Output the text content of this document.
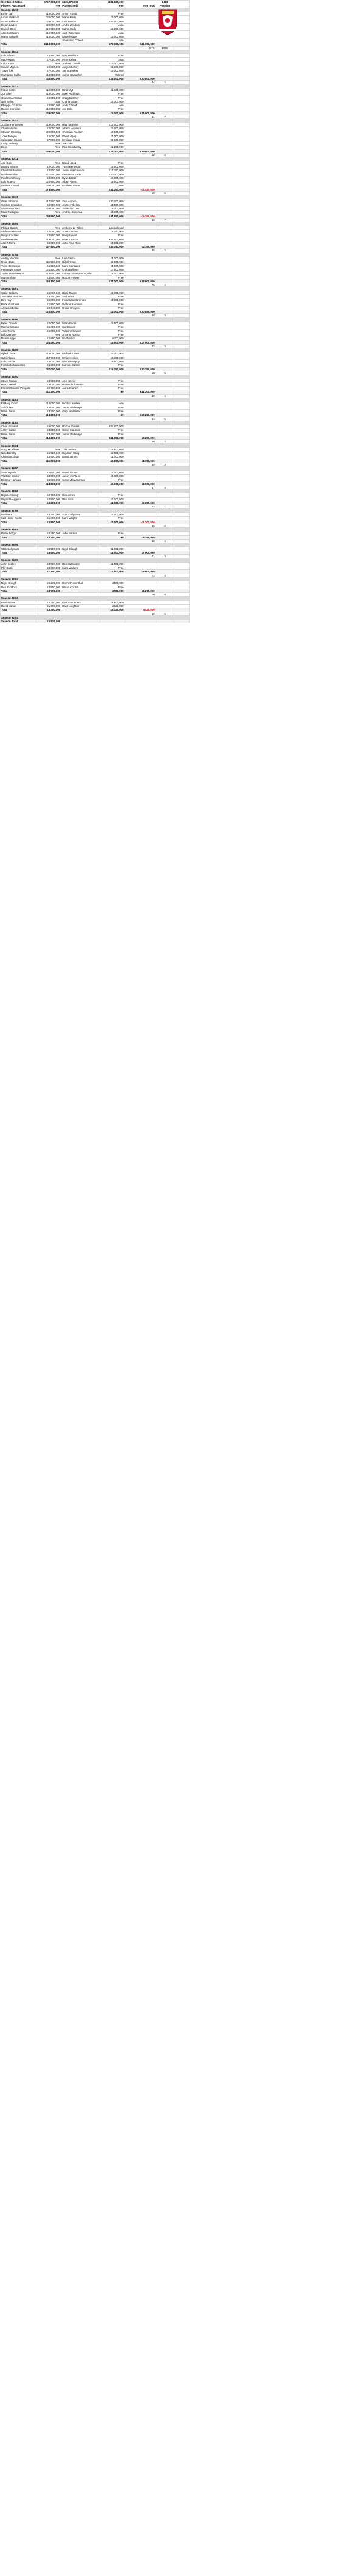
Combined Totals	£767,300,000	£435,475,000	£331,825,000		1420	
Players Purchased	Fee	Players Sold	Fee	Net Total	Position	
Season 14/15						
Emre Can	£10,000,000	Armin Kostic	Free			
Lazar Markovic	£20,000,000	Martin Kelly	£2,000,000			
Adam Lallana	£25,000,000	Luis Suarez	£65,000,000			
Dejan Lovren	£20,000,000	Andre Wisdom	Loan			
Divock Origi	£10,000,000	Martin Kelly	£1,500,000			
Alberto Moreno	£12,000,000	Jack Robinson	Loan			
Mario Balotelli	£16,000,000	Daniel Agger	£3,000,000			
		Sebastian Coates	Loan			
Total	£113,000,000		£72,000,000	£41,000,000		
				PTS	POS	
Season 13/14						
Luis Alberto	£6,800,000	Danny Wilson	Free			
Iago Aspas	£7,000,000	Pepe Reina	Loan			
Kolo Toure	Free	Andrew Carroll	£15,000,000			
Simon Mignolet	£9,000,000	Jonjo Shelvey	£5,000,000			
Tiago Ilori	£7,000,000	Jay Spearing	£2,000,000			
Mamadou Sakho	£18,000,000	Jamie Carragher	Retired			
Total	£48,800,000		£28,000,000	£20,800,000		
				84	2	
Season 12/13						
Fabio Borini	£10,000,000	Dirk Kuyt	£1,000,000			
Joe Allen	£15,000,000	Maxi Rodriguez	Free			
Oussama Assaidi	£2,000,000	Craig Bellamy	Free			
Nuri Sahin	Loan	Charlie Adam	£4,000,000			
Philippe Coutinho	£8,500,000	Andy Carroll	Loan			
Daniel Sturridge	£12,000,000	Joe Cole	Free			
Total	£49,000,000		£5,000,000	£44,000,000		
				61	7	
Season 11/12						
Jordan Henderson	£16,000,000	Raul Meireles	£12,000,000			
Charlie Adam	£7,000,000	Alberto Aquilani	£5,000,000			
Stewart Downing	£20,000,000	Christian Poulsen	£2,000,000			
Jose Enrique	£6,000,000	David Ngog	£4,000,000			
Sebastian Coates	£7,000,000	Emiliano Insua	£2,000,000			
Craig Bellamy	Free	Joe Cole	Loan			
Doni	Free	Paul Konchesky	£1,200,000			
Total	£56,000,000		£26,200,000	£29,800,000		
				52	8	
Season 10/11						
Joe Cole	Free	David Ngog	Free			
Danny Wilson	£2,000,000	Yossi Benayoun	£5,500,000			
Christian Poulsen	£4,500,000	Javier Mascherano	£17,250,000			
Raul Meireles	£11,500,000	Fernando Torres	£50,000,000			
Paul Konchesky	£4,000,000	Ryan Babel	£6,000,000			
Luis Suarez	£22,800,000	Albert Riera	£3,500,000			
Andrew Carroll	£35,000,000	Emiliano Insua	Loan			
Total	£79,800,000		£84,250,000	-£4,450,000		
				58	6	
Season 09/10						
Glen Johnson	£17,500,000	Xabi Alonso	£30,000,000			
Sotirios Kyrgiakos	£2,000,000	Alvaro Arbeloa	£3,500,000			
Alberto Aquilani	£20,000,000	Sebastian Leto	£3,000,000			
Maxi Rodriguez	Free	Andrea Dossena	£3,000,000			
Total	£39,500,000		£44,650,000	-£5,150,000		
				63	7	
Season 08/09						
Philipp Degen	Free	Anthony Le Tallec	Undisclosed			
Andrea Dossena	£7,000,000	Scott Carson	£3,250,000			
Diego Cavalieri	£3,500,000	Harry Kewell	Free			
Robbie Keane	£19,000,000	Peter Crouch	£11,000,000			
Albert Riera	£8,000,000	John Arne Riise	£4,000,000			
Total	£37,500,000		£32,750,000	£4,750,000		
				86	2	
Season 07/08						
Andriy Voronin	Free	Luis Garcia	£4,000,000			
Ryan Babel	£11,500,000	Djibril Cisse	£6,000,000			
Yossi Benayoun	£5,000,000	Mark Gonzalez	£4,000,000			
Fernando Torres	£26,500,000	Craig Bellamy	£7,500,000			
Javier Mascherano	£18,600,000	Florent Sinama-Pongolle	£2,700,000			
Martin Skrtel	£6,500,000	Robbie Fowler	Free			
Total	£68,100,000		£24,200,000	£43,900,000		
				76	4	
Season 06/07						
Craig Bellamy	£6,000,000	Djimi Traore	£2,000,000			
Jermaine Pennant	£6,700,000	Salif Diao	Free			
Dirk Kuyt	£9,000,000	Fernando Morientes	£3,000,000			
Mark Gonzalez	£1,500,000	Dietmar Hamann	Free			
Alvaro Arbeloa	£2,640,000	Bruno Cheyrou	Free			
Total	£25,840,000		£5,000,000	£20,840,000		
				68	3	
Season 05/06						
Peter Crouch	£7,000,000	Milan Baros	£6,500,000			
Momo Sissoko	£5,600,000	Igor Biscan	Free			
Jose Reina	£6,000,000	Vladimir Smicer	Free			
Bolo Zenden	Free	Antonio Nunez	Free			
Daniel Agger	£5,800,000	Neil Mellor	£400,000			
Total	£24,400,000		£6,900,000	£17,500,000		
				82	3	
Season 04/05						
Djibril Cisse	£14,000,000	Michael Owen	£8,000,000			
Xabi Alonso	£10,700,000	Emile Heskey	£6,250,000			
Luis Garcia	£6,000,000	Danny Murphy	£2,500,000			
Fernando Morientes	£6,300,000	Markus Babbel	Free			
Total	£37,000,000		£16,750,000	£20,250,000		
				58	5	
Season 03/04						
Steve Finnan	£3,500,000	Abel Xavier	Free			
Harry Kewell	£5,000,000	Bernard Diomede	Free			
Florent Sinama-Pongolle	£2,700,000	Jari Litmanen	Free			
Total	£11,200,000		£0	£11,200,000		
				60	4	
Season 02/03						
El Hadji Diouf	£10,000,000	Nicolas Anelka	Loan			
Salif Diao	£5,000,000	Jamie Redknapp	Free			
Milan Baros	£3,200,000	Gary McAllister	Free			
Total	£18,200,000		£0	£18,200,000		
				64	5	
Season 01/02						
Chris Kirkland	£6,000,000	Robbie Fowler	£11,000,000			
Jerzy Dudek	£4,850,000	Steve Staunton	Free			
Milan Baros	£3,400,000	Jamie Redknapp	Free			
Total	£14,250,000		£11,000,000	£3,250,000		
				80	2	
Season 00/01						
Gary McAllister	Free	Titi Camara	£2,600,000			
Nick Barmby	£6,000,000	Rigobert Song	£2,500,000			
Christian Ziege	£5,500,000	David James	£1,700,000			
Total	£11,500,000		£6,800,000	£4,700,000		
				69	3	
Season 99/00						
Sami Hyypia	£2,600,000	David James	£1,700,000			
Vladimir Smicer	£4,000,000	Jason McAteer	£4,000,000			
Dietmar Hamann	£8,000,000	Steve McManaman	Free			
Total	£14,600,000		£5,700,000	£8,900,000		
				67	4	
Season 98/99						
Rigobert Song	£2,700,000	Rob Jones	Free			
Vegard Heggem	£3,500,000	Paul Ince	£1,000,000			
Total	£6,200,000		£1,000,000	£5,200,000		
				54	7	
Season 97/98						
Paul Ince	£4,200,000	Stan Collymore	£7,000,000			
Karl-Heinz Riedle	£1,600,000	Mark Wright	Free			
Total	£5,800,000		£7,000,000	-£1,200,000		
				65	3	
Season 96/97						
Patrik Berger	£3,250,000	John Barnes	Free			
Total	£3,250,000		£0	£3,250,000		
				68	4	
Season 95/96						
Stan Collymore	£8,500,000	Nigel Clough	£1,500,000			
Total	£8,500,000		£1,500,000	£7,000,000		
				71	3	
Season 94/95						
John Scales	£3,500,000	Don Hutchison	£1,500,000			
Phil Babb	£3,600,000	Mark Walters	Free			
Total	£7,100,000		£1,500,000	£5,600,000		
				74	4	
Season 93/94						
Nigel Clough	£2,275,000	Ronny Rosenthal	£500,000			
Neil Ruddock	£2,500,000	Istvan Kozma	Free			
Total	£4,775,000		£500,000	£4,275,000		
				60	8	
Season 92/93						
Paul Stewart	£2,300,000	Dean Saunders	£2,900,000			
David James	£1,000,000	Ray Houghton	£825,000			
Total	£3,300,000		£3,725,000	-£425,000		
				59	6	
Season 92/93						
Season Total	£5,575,000					
